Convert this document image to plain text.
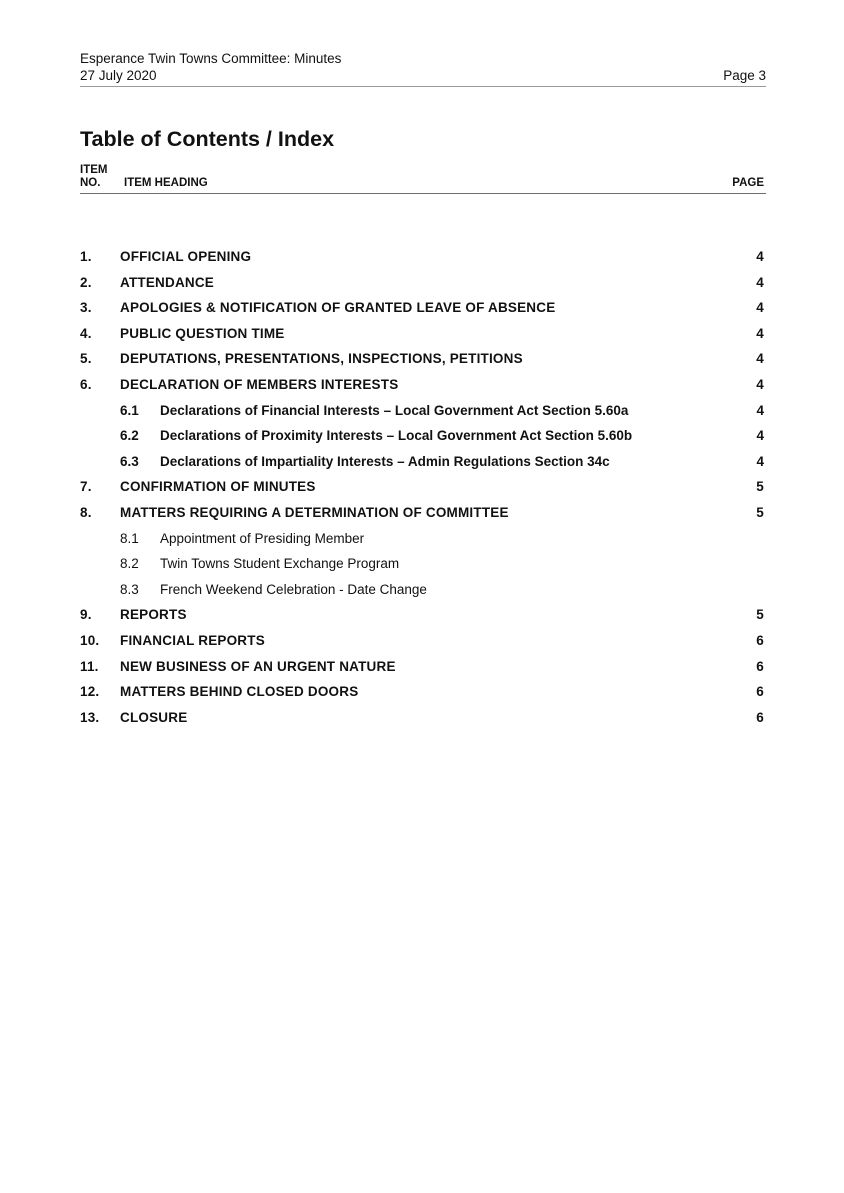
Esperance Twin Towns Committee: Minutes
27 July 2020	Page 3
Table of Contents / Index
ITEM NO.	ITEM HEADING	PAGE
1. OFFICIAL OPENING	4
2. ATTENDANCE	4
3. APOLOGIES & NOTIFICATION OF GRANTED LEAVE OF ABSENCE	4
4. PUBLIC QUESTION TIME	4
5. DEPUTATIONS, PRESENTATIONS, INSPECTIONS, PETITIONS	4
6. DECLARATION OF MEMBERS INTERESTS	4
6.1 Declarations of Financial Interests – Local Government Act Section 5.60a	4
6.2 Declarations of Proximity Interests – Local Government Act Section 5.60b	4
6.3 Declarations of Impartiality Interests – Admin Regulations Section 34c	4
7. CONFIRMATION OF MINUTES	5
8. MATTERS REQUIRING A DETERMINATION OF COMMITTEE	5
8.1 Appointment of Presiding Member
8.2 Twin Towns Student Exchange Program
8.3 French Weekend Celebration - Date Change
9. REPORTS	5
10. FINANCIAL REPORTS	6
11. NEW BUSINESS OF AN URGENT NATURE	6
12. MATTERS BEHIND CLOSED DOORS	6
13. CLOSURE	6
